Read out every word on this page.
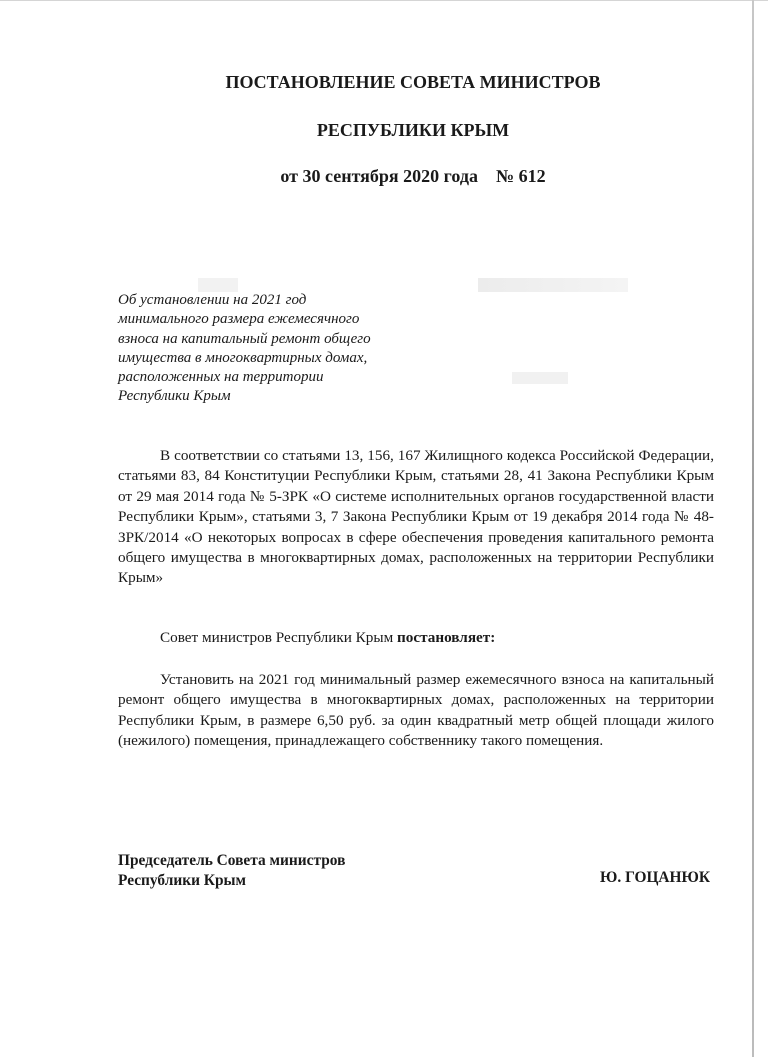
ПОСТАНОВЛЕНИЕ СОВЕТА МИНИСТРОВ
РЕСПУБЛИКИ КРЫМ

от 30 сентября 2020 года № 612

Об установлении на 2021 год
минимального размера ежемесячного
взноса на капитальный ремонт общего
имущества в многоквартирных домах,
расположенных на территории
Республики Крым

В соответствии со статьями 13, 156, 167 Жилищного кодекса Российской Федерации, статьями 83, 84 Конституции Республики Крым, статьями 28, 41 Закона Республики Крым от 29 мая 2014 года № 5-ЗРК «О системе исполнительных органов государственной власти Республики Крым», статьями 3, 7 Закона Республики Крым от 19 декабря 2014 года № 48-ЗРК/2014 «О некоторых вопросах в сфере обеспечения проведения капитального ремонта общего имущества в многоквартирных домах, расположенных на территории Республики Крым»

Совет министров Республики Крым постановляет:

Установить на 2021 год минимальный размер ежемесячного взноса на капитальный ремонт общего имущества в многоквартирных домах, расположенных на территории Республики Крым, в размере 6,50 руб. за один квадратный метр общей площади жилого (нежилого) помещения, принадлежащего собственнику такого помещения.

Председатель Совета министров
Республики Крым	Ю. ГОЦАНЮК
